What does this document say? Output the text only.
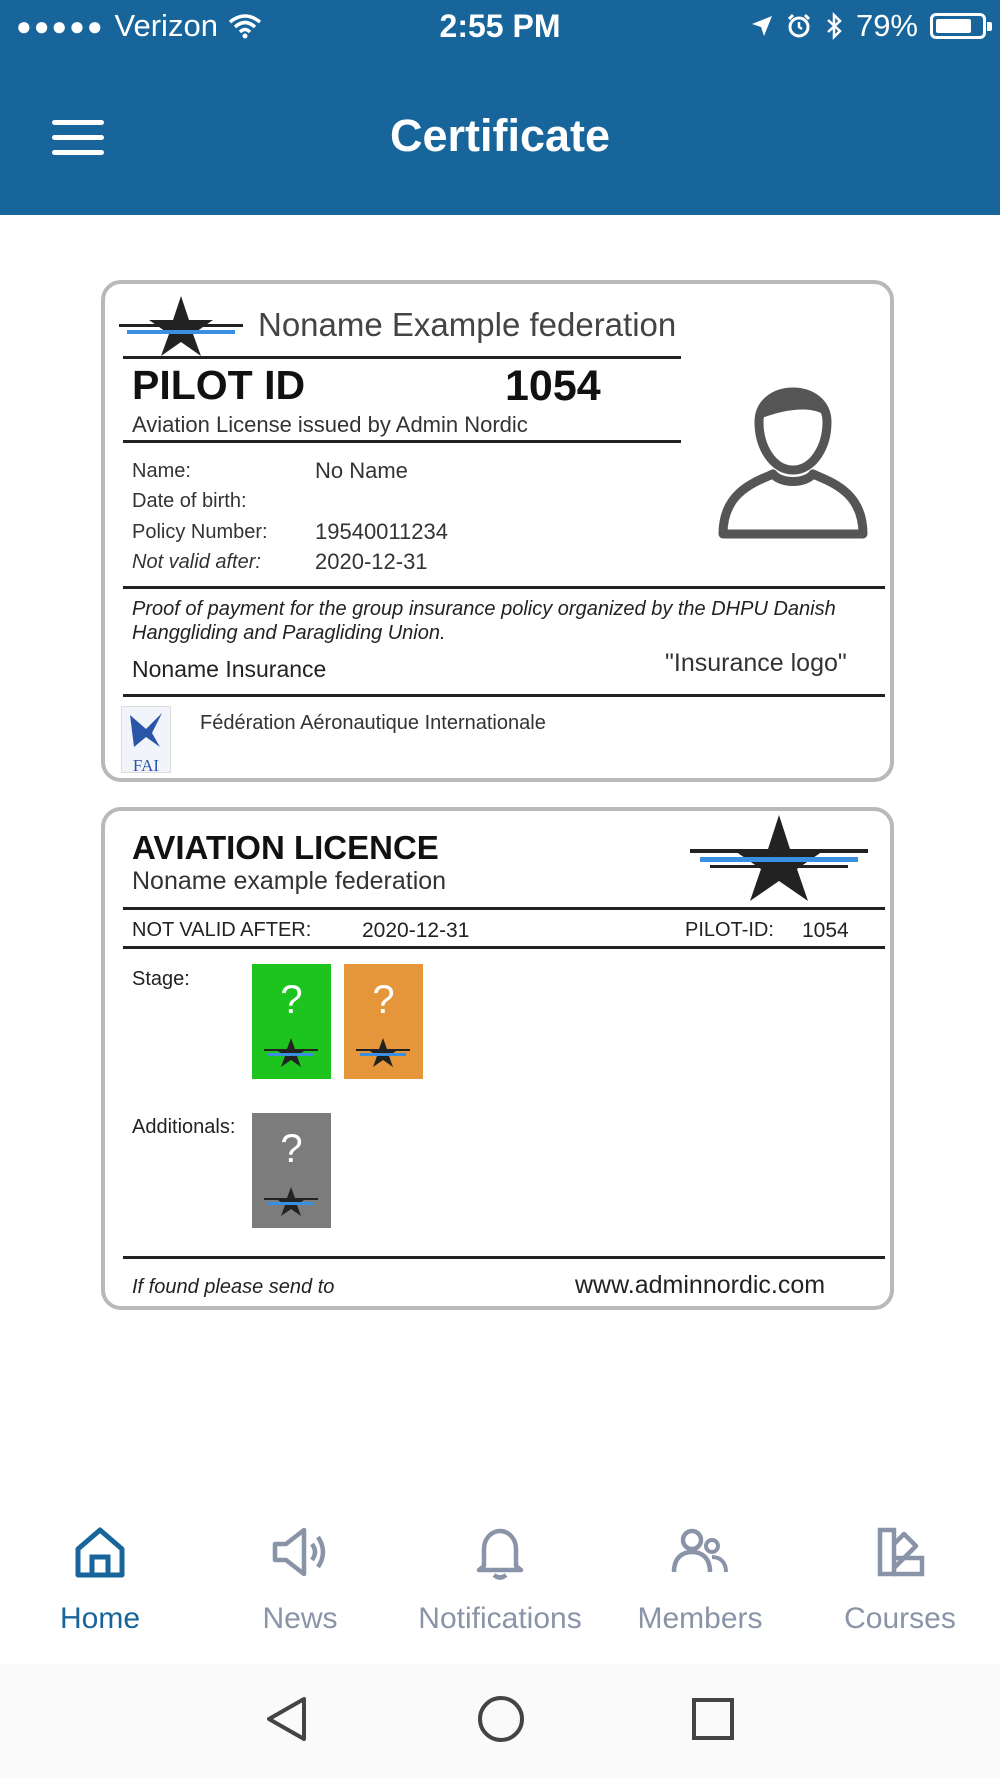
●●●●● Verizon	2:55 PM	79%
Certificate
Noname Example federation
PILOT ID	1054
Aviation License issued by Admin Nordic
Name:	No Name
Date of birth:
Policy Number: 19540011234
Not valid after: 2020-12-31
Proof of payment for the group insurance policy organized by the DHPU Danish Hanggliding and Paragliding Union.
Noname Insurance	"Insurance logo"
FAI
Fédération Aéronautique Internationale
AVIATION LICENCE
Noname example federation
NOT VALID AFTER: 2020-12-31	PILOT-ID: 1054
Stage:
Additionals:
If found please send to	www.adminnordic.com
?	?
?
Home	News	Notifications	Members	Courses
